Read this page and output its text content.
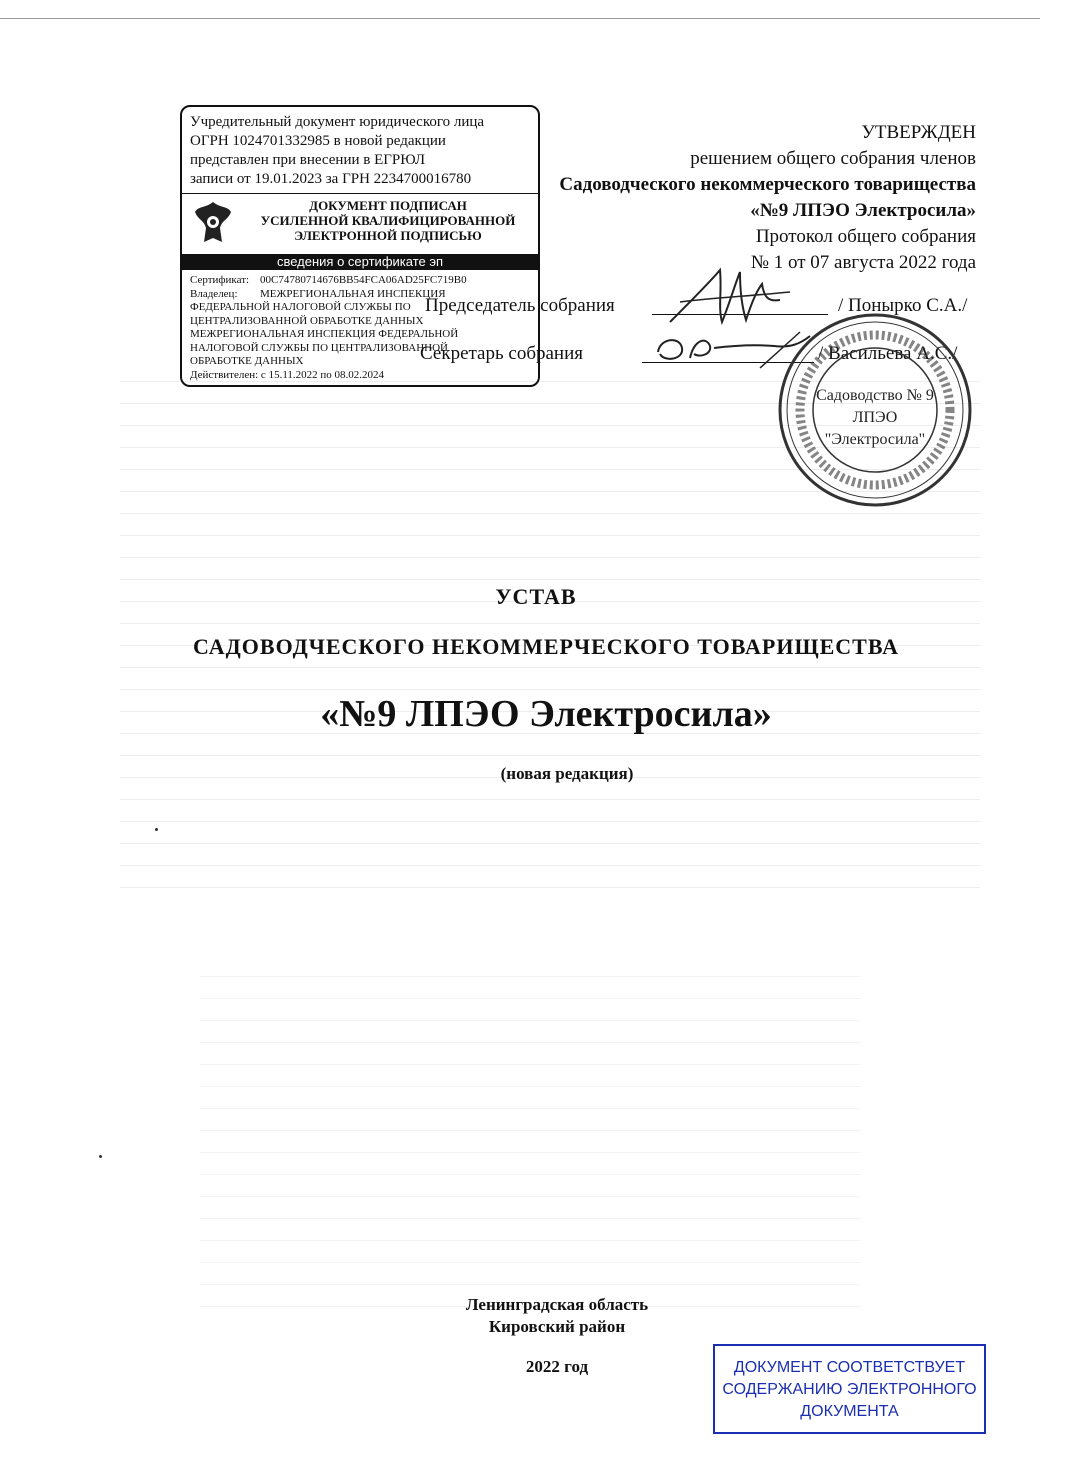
Учредительный документ юридического лица
ОГРН 1024701332985 в новой редакции
представлен при внесении в ЕГРЮЛ
записи от 19.01.2023 за ГРН 2234700016780
ДОКУМЕНТ ПОДПИСАН
УСИЛЕННОЙ КВАЛИФИЦИРОВАННОЙ
ЭЛЕКТРОННОЙ ПОДПИСЬЮ
сведения о сертификате эп
Сертификат: 00C74780714676BB54FCA06AD25FC719B0
Владелец:	МЕЖРЕГИОНАЛЬНАЯ ИНСПЕКЦИЯ
ФЕДЕРАЛЬНОЙ НАЛОГОВОЙ СЛУЖБЫ ПО
ЦЕНТРАЛИЗОВАННОЙ ОБРАБОТКЕ ДАННЫХ
МЕЖРЕГИОНАЛЬНАЯ ИНСПЕКЦИЯ ФЕДЕРАЛЬНОЙ
НАЛОГОВОЙ СЛУЖБЫ ПО ЦЕНТРАЛИЗОВАННОЙ
ОБРАБОТКЕ ДАННЫХ
Действителен: с 15.11.2022 по 08.02.2024
УТВЕРЖДЕН
решением общего собрания членов
Садоводческого некоммерческого товарищества
«№9 ЛПЭО Электросила»
Протокол общего собрания
№ 1 от 07 августа 2022 года
Председатель собрания	/ Понырко С.А./
Секретарь собрания	/ Васильева А.С./
Садоводство № 9
ЛПЭО
"Электросила"
УСТАВ
САДОВОДЧЕСКОГО НЕКОММЕРЧЕСКОГО ТОВАРИЩЕСТВА
«№9 ЛПЭО Электросила»
(новая редакция)
Ленинградская область
Кировский район
2022 год	ДОКУМЕНТ СООТВЕТСТВУЕТ
СОДЕРЖАНИЮ ЭЛЕКТРОННОГО
ДОКУМЕНТА
